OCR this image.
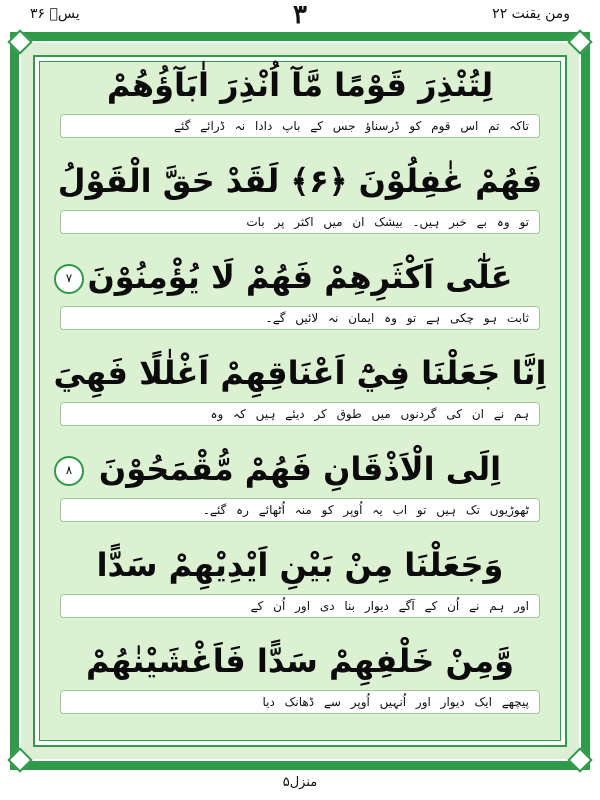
یسؔ ۳۶	۳	ومن یقنت ۲۲
لِتُنْذِرَ قَوْمًا مَّآ اُنْذِرَ اٰبَآؤُهُمْ
تاکہ تم اس قوم کو ڈرسناؤ جس کے باپ دادا نہ ڈرائے گئے
فَهُمْ غٰفِلُوْنَ ﴿۶﴾ لَقَدْ حَقَّ الْقَوْلُ
تو وہ بے خبر ہیں۔ بیشک ان میں اکثر پر بات
عَلٰٓى اَكْثَرِهِمْ فَهُمْ لَا يُؤْمِنُوْنَ
۷
ثابت ہو چکی ہے تو وہ ایمان نہ لائیں گے۔
اِنَّا جَعَلْنَا فِيْٓ اَعْنَاقِهِمْ اَغْلٰلًا فَهِيَ
ہم نے ان کی گردنوں میں طوق کر دیئے ہیں کہ وہ
اِلَى الْاَذْقَانِ فَهُمْ مُّقْمَحُوْنَ
۸
ٹھوڑیوں تک ہیں تو اب یہ اُوپر کو منہ اُٹھائے رہ گئے۔
وَجَعَلْنَا مِنْ بَيْنِ اَيْدِيْهِمْ سَدًّا
اور ہم نے اُن کے آگے دیوار بنا دی اور اُن کے
وَّمِنْ خَلْفِهِمْ سَدًّا فَاَغْشَيْنٰهُمْ
پیچھے ایک دیوار اور اُنہیں اُوپر سے ڈھانک دیا
منزل۵
